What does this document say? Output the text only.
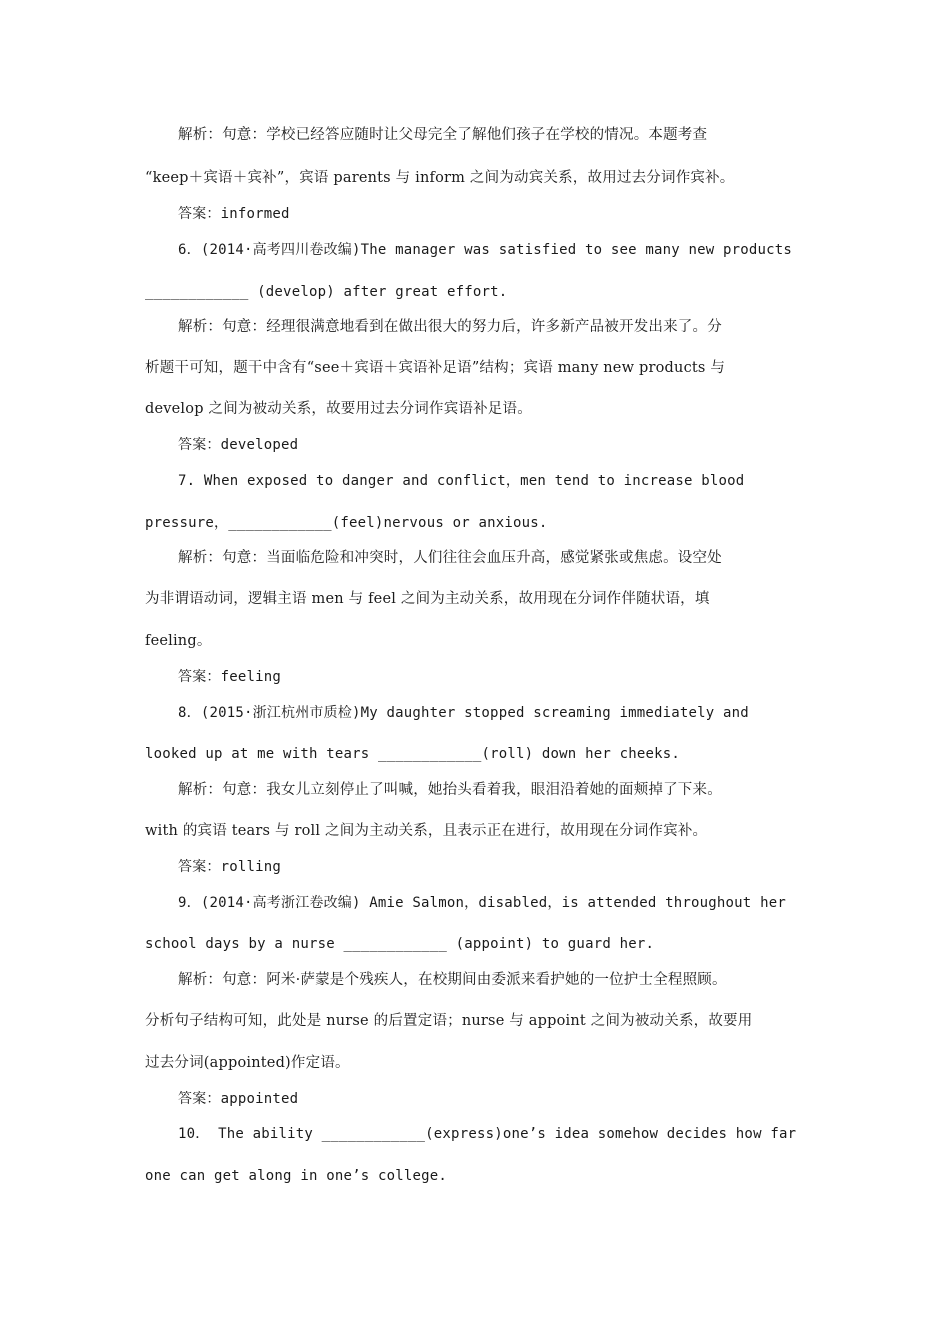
解析：句意：学校已经答应随时让父母完全了解他们孩子在学校的情况。本题考查
“keep＋宾语＋宾补”，宾语 parents 与 inform 之间为动宾关系，故用过去分词作宾补。
答案：informed
6．(2014·高考四川卷改编)The manager was satisfied to see many new products
____________ (develop) after great effort.
解析：句意：经理很满意地看到在做出很大的努力后，许多新产品被开发出来了。分
析题干可知，题干中含有“see＋宾语＋宾语补足语”结构；宾语 many new products 与
develop 之间为被动关系，故要用过去分词作宾语补足语。
答案：developed
7. When exposed to danger and conflict，men tend to increase blood
pressure，____________(feel)nervous or anxious.
解析：句意：当面临危险和冲突时，人们往往会血压升高，感觉紧张或焦虑。设空处
为非谓语动词，逻辑主语 men 与 feel 之间为主动关系，故用现在分词作伴随状语，填
feeling。
答案：feeling
8．(2015·浙江杭州市质检)My daughter stopped screaming immediately and
looked up at me with tears ____________(roll) down her cheeks.
解析：句意：我女儿立刻停止了叫喊，她抬头看着我，眼泪沿着她的面颊掉了下来。
with 的宾语 tears 与 roll 之间为主动关系，且表示正在进行，故用现在分词作宾补。
答案：rolling
9．(2014·高考浙江卷改编) Amie Salmon，disabled，is attended throughout her
school days by a nurse ____________ (appoint) to guard her.
解析：句意：阿米·萨蒙是个残疾人，在校期间由委派来看护她的一位护士全程照顾。
分析句子结构可知，此处是 nurse 的后置定语；nurse 与 appoint 之间为被动关系，故要用
过去分词(appointed)作定语。
答案：appointed
10． The ability ____________(express)one’s idea somehow decides how far
one can get along in one’s college.
